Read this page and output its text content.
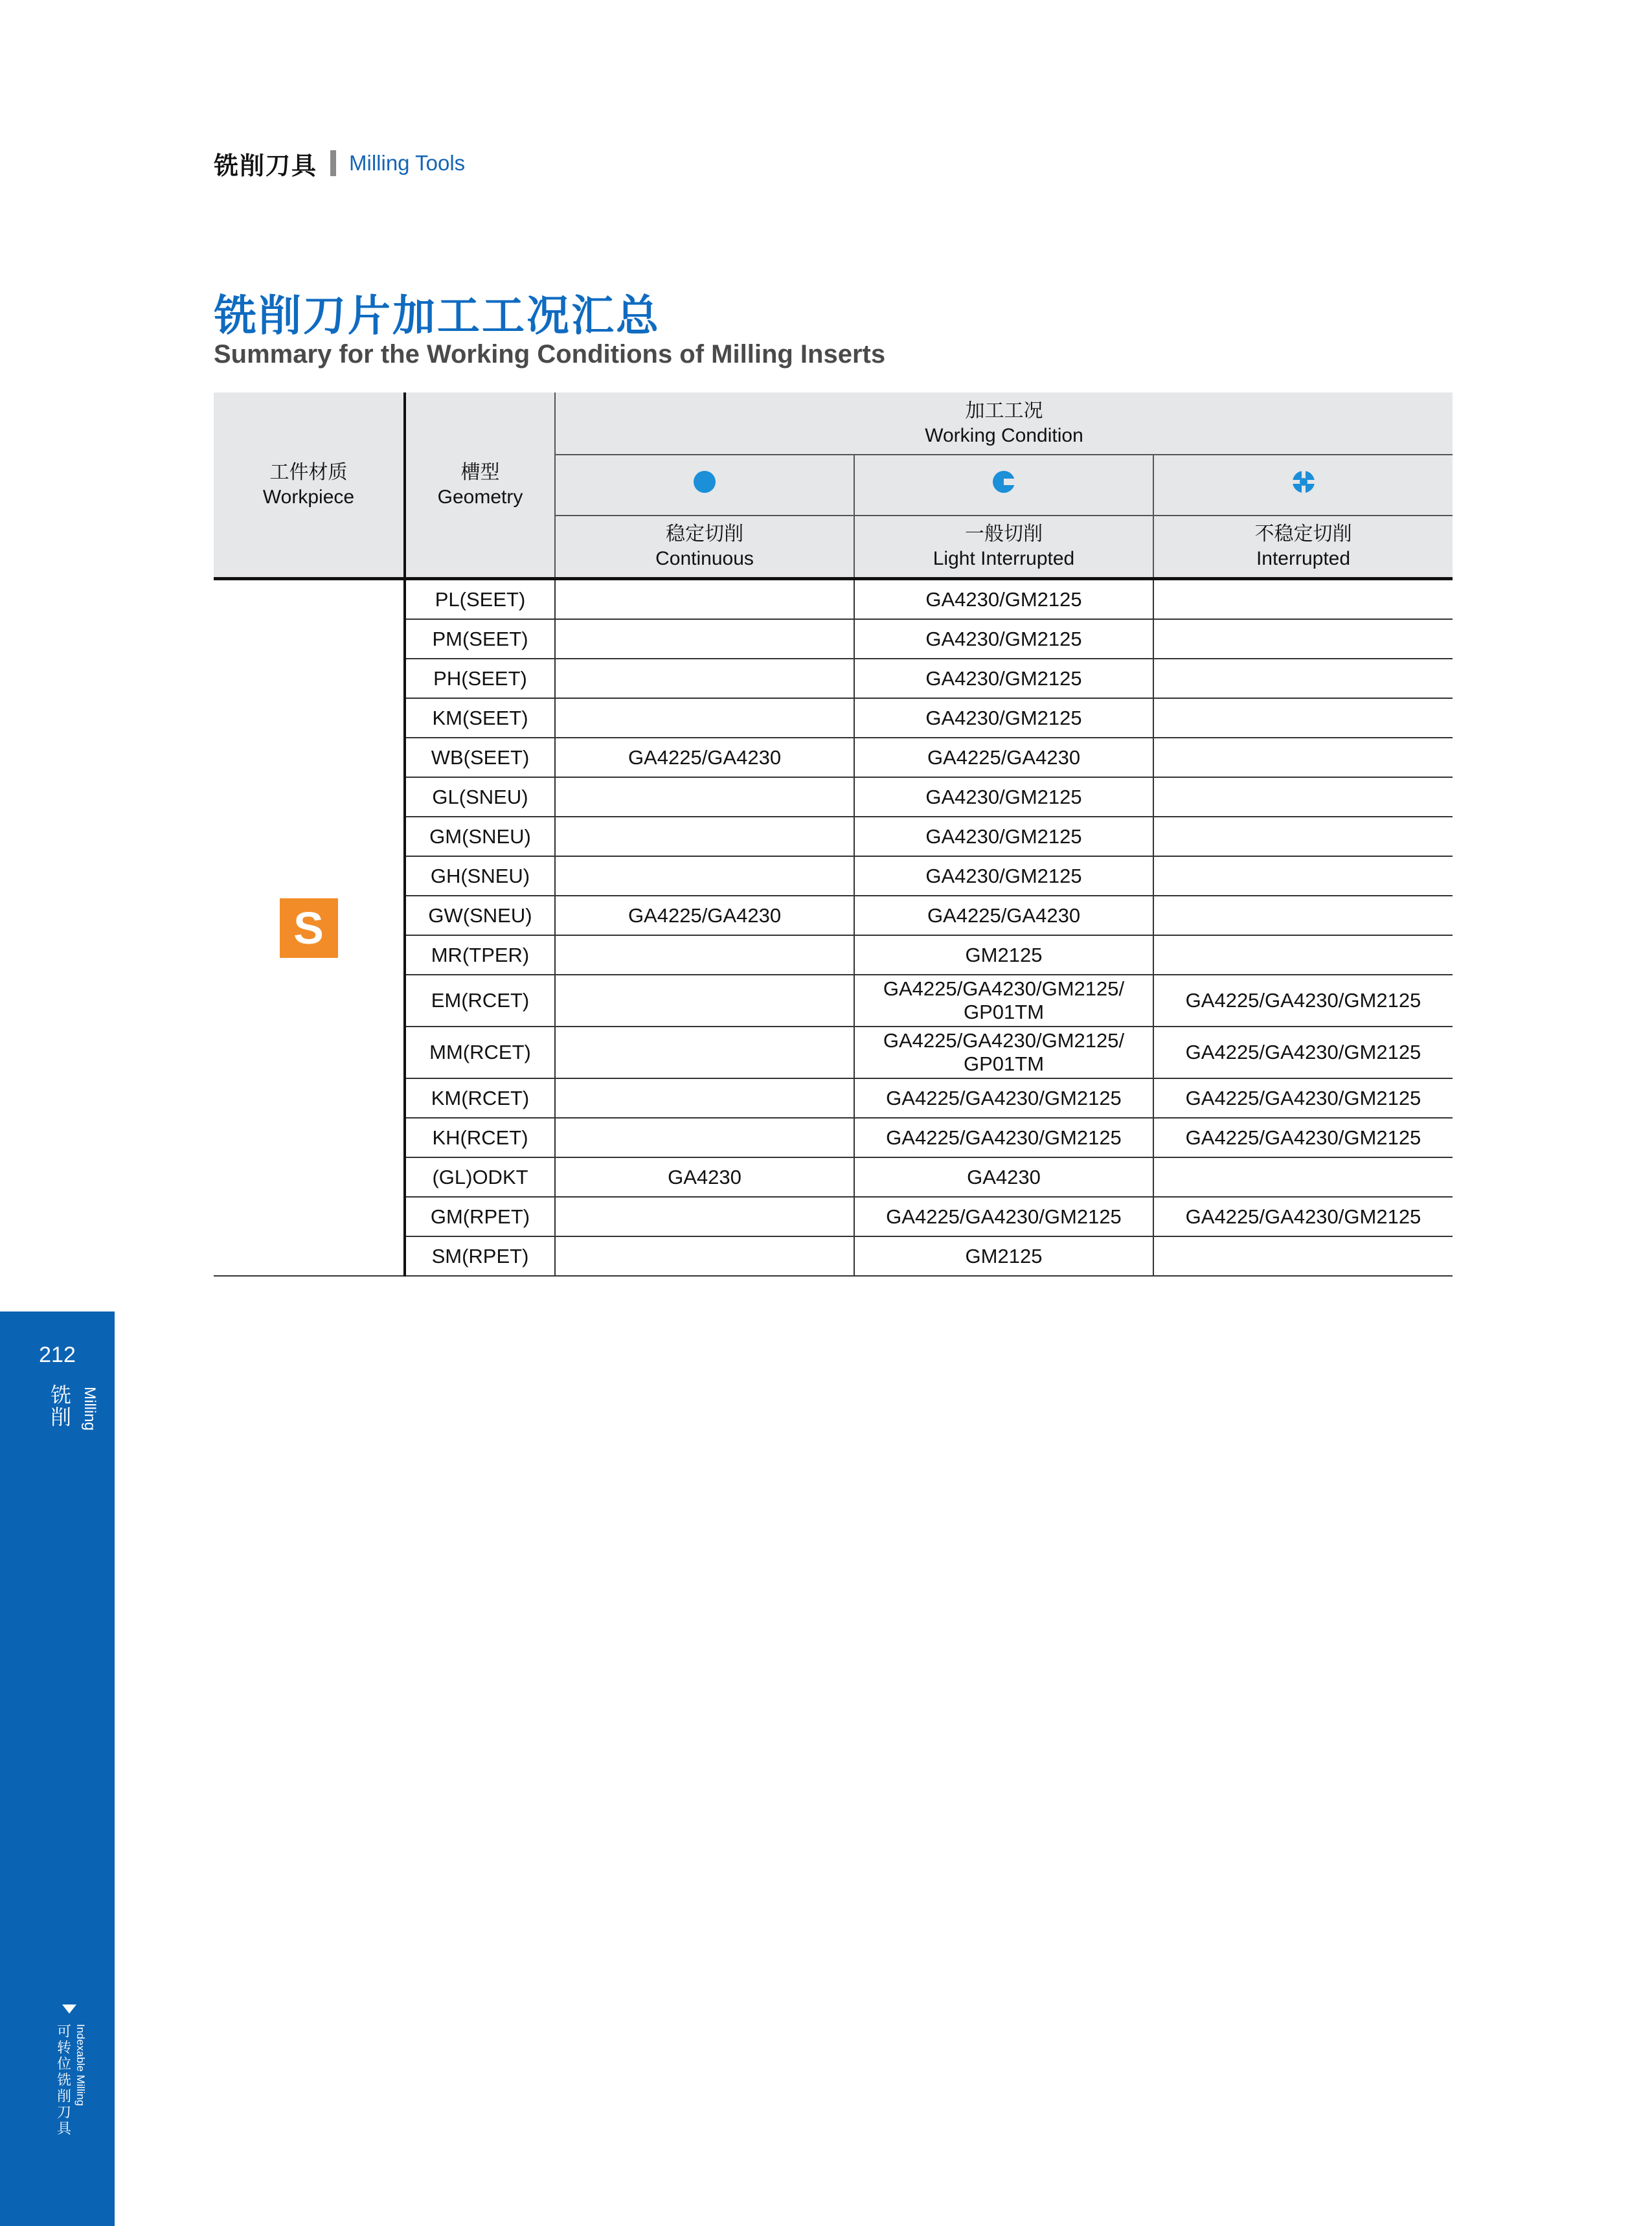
铣削刀具 Milling Tools
铣削刀片加工工况汇总
Summary for the Working Conditions of Milling Inserts
工件材质
Workpiece	槽型
Geometry	加工工况
Working Condition		

		稳定切削
Continuous	一般切削
Light Interrupted	不稳定切削
Interrupted

S	PL(SEET)		GA4230/GM2125	
	PM(SEET)		GA4230/GM2125	
	PH(SEET)		GA4230/GM2125	
	KM(SEET)		GA4230/GM2125	
	WB(SEET)	GA4225/GA4230	GA4225/GA4230	
	GL(SNEU)		GA4230/GM2125	
	GM(SNEU)		GA4230/GM2125	
	GH(SNEU)		GA4230/GM2125	
	GW(SNEU)	GA4225/GA4230	GA4225/GA4230	
	MR(TPER)		GM2125	
	EM(RCET)		GA4225/GA4230/GM2125/
GP01TM	GA4225/GA4230/GM2125
	MM(RCET)		GA4225/GA4230/GM2125/
GP01TM	GA4225/GA4230/GM2125
	KM(RCET)		GA4225/GA4230/GM2125	GA4225/GA4230/GM2125
	KH(RCET)		GA4225/GA4230/GM2125	GA4225/GA4230/GM2125
	(GL)ODKT	GA4230	GA4230	
	GM(RPET)		GA4225/GA4230/GM2125	GA4225/GA4230/GM2125
	SM(RPET)		GM2125	
212
铣削 Milling
可转位铣削刀具
Indexable Milling
